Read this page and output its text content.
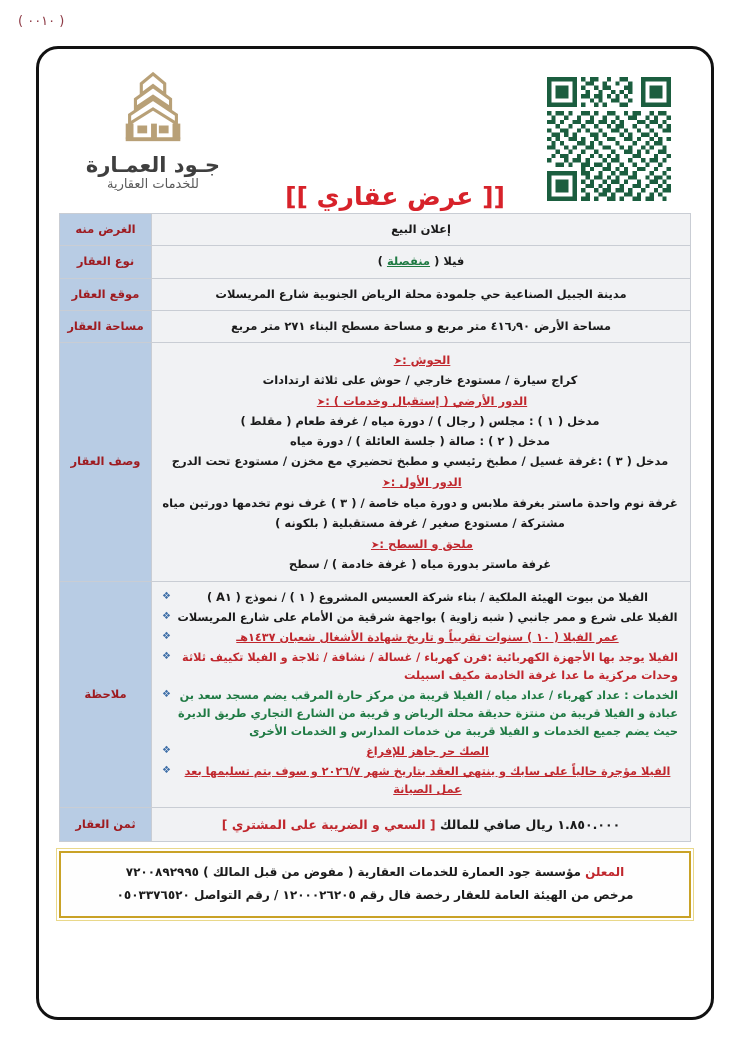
( ٠٠١٠ )
جـود العمـارة
للخدمات العقارية	[[ عرض عقاري ]]
إعلان البيع	الغرض منه
فيلا ( منفصلة )	نوع العقار
مدينة الجبيل الصناعية حي جلمودة محلة الرياض الجنوبية شارع المريسلات	موقع العقار
مساحة الأرض ٤١٦٫٩٠ متر مربع و مساحة مسطح البناء ٢٧١ متر مربع	مساحة العقار

الحوش :➤
كراج سيارة / مستودع خارجي / حوش على ثلاثة ارتدادات
الدور الأرضي ( إستقبال وخدمات ) :➤
مدخل ( ١ ) : مجلس ( رجال ) / دورة مياه / غرفة طعام ( مقلط )
مدخل ( ٢ ) : صالة ( جلسة العائلة ) / دورة مياه
مدخل ( ٣ ) :غرفة غسيل / مطبخ رئيسي و مطبخ تحضيري مع مخزن / مستودع تحت الدرج
الدور الأول :➤
غرفة نوم واحدة ماستر بغرفة ملابس و دورة مياه خاصة / ( ٣ ) غرف نوم تخدمها دورتين مياه
مشتركة / مستودع صغير / غرفة مستقبلية ( بلكونه )
ملحق و السطح :➤
غرفة ماستر بدورة مياه ( غرفة خادمة ) / سطح
	وصف العقار

الفيلا من بيوت الهيئة الملكية / بناء شركة العسيس المشروع ( ١ ) / نموذج ( A١ )
❖
الفيلا على شرع و ممر جانبي ( شبه زاوية ) بواجهة شرقية من الأمام على شارع المريسلات
❖
عمر الفيلا ( ١٠ ) سنوات تقريباً و تاريخ شهادة الأشغال شعبان ١٤٣٧هـ
❖
الفيلا يوجد بها الأجهزة الكهربائية :فرن كهرباء / غسالة / نشافة / ثلاجة و الفيلا تكييف ثلاثة وحدات مركزية ما عدا غرفة الخادمة مكيف اسبيلت
❖
الخدمات : عداد كهرباء / عداد مياه / الفيلا قريبة من مركز حارة المرقب يضم مسجد سعد بن عبادة و الفيلا قريبة من منتزة حديقة محلة الرياض و قريبة من الشارع التجاري طريق الديرة حيث يضم جميع الخدمات و الفيلا قريبة من خدمات المدارس و الخدمات الأخرى
❖
الصك حر جاهز للإفراغ
❖
الفيلا مؤجرة حالياً على سابك و ينتهي العقد بتاريخ شهر ٢٠٢٦/٧ و سوف يتم تسليمها بعد عمل الصيانة
❖
	ملاحظة
١.٨٥٠.٠٠٠ ريال صافي للمالك [ السعي و الضريبة على المشتري ]	ثمن العقار
المعلن مؤسسة جود العمارة للخدمات العقارية ( مفوض من قبل المالك ) ٧٢٠٠٨٩٢٩٩٥
مرخص من الهيئة العامة للعقار رخصة فال رقم ١٢٠٠٠٢٦٢٠٥ / رقم التواصل ٠٥٠٣٣٧٦٥٢٠
